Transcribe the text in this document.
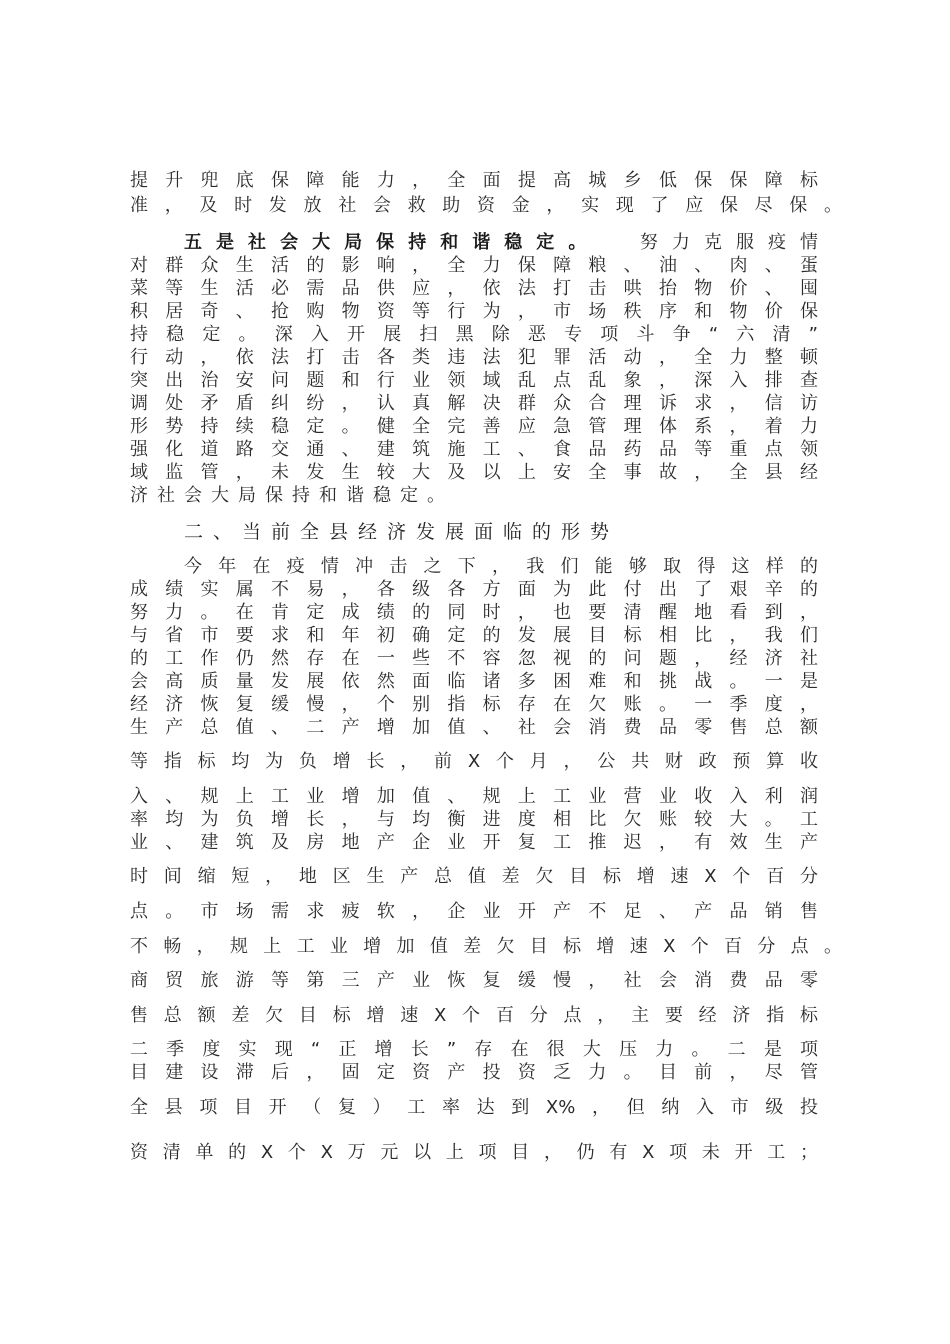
提升兜底保障能力，全面提高城乡低保保障标

准，及时发放社会救助资金，实现了应保尽保。

五是社会大局保持和谐稳定。 努力克服疫情

对群众生活的影响，全力保障粮、油、肉、蛋

菜等生活必需品供应，依法打击哄抬物价、囤

积居奇、抢购物资等行为，市场秩序和物价保

持稳定。深入开展扫黑除恶专项斗争“六清”

行动，依法打击各类违法犯罪活动，全力整顿

突出治安问题和行业领域乱点乱象，深入排查

调处矛盾纠纷，认真解决群众合理诉求，信访

形势持续稳定。健全完善应急管理体系，着力

强化道路交通、建筑施工、食品药品等重点领

域监管，未发生较大及以上安全事故，全县经

济社会大局保持和谐稳定。

二、当前全县经济发展面临的形势

今年在疫情冲击之下，我们能够取得这样的

成绩实属不易，各级各方面为此付出了艰辛的

努力。在肯定成绩的同时，也要清醒地看到，

与省市要求和年初确定的发展目标相比，我们

的工作仍然存在一些不容忽视的问题，经济社

会高质量发展依然面临诸多困难和挑战。一是

经济恢复缓慢，个别指标存在欠账。一季度，

生产总值、二产增加值、社会消费品零售总额

等指标均为负增长，前X个月，公共财政预算收

入、规上工业增加值、规上工业营业收入利润

率均为负增长，与均衡进度相比欠账较大。工

业、建筑及房地产企业开复工推迟，有效生产

时间缩短，地区生产总值差欠目标增速X个百分

点。市场需求疲软，企业开产不足、产品销售

不畅，规上工业增加值差欠目标增速X个百分点。

商贸旅游等第三产业恢复缓慢，社会消费品零

售总额差欠目标增速X个百分点，主要经济指标

二季度实现“正增长”存在很大压力。二是项

目建设滞后，固定资产投资乏力。目前，尽管

全县项目开（复）工率达到X%，但纳入市级投

资清单的X个X万元以上项目，仍有X项未开工；
